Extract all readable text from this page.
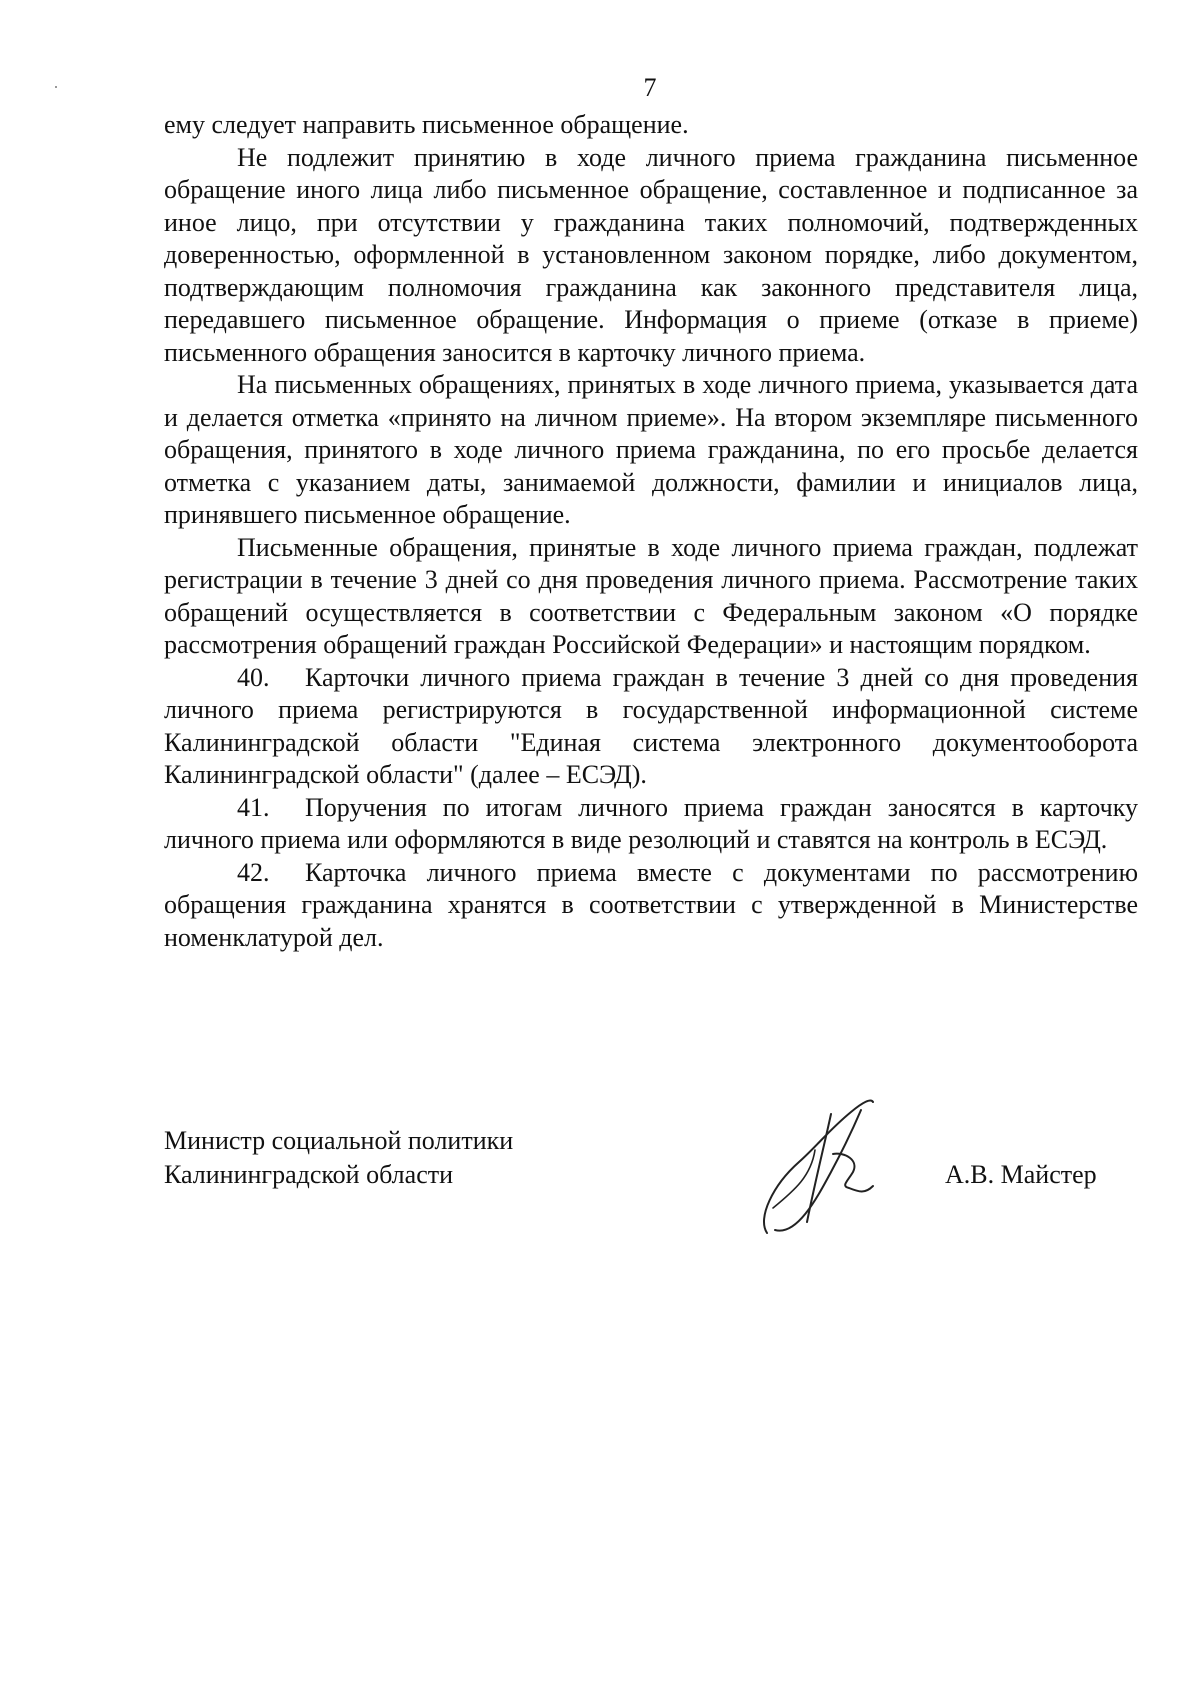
7

ему следует направить письменное обращение.

Не подлежит принятию в ходе личного приема гражданина письменное обращение иного лица либо письменное обращение, составленное и подписанное за иное лицо, при отсутствии у гражданина таких полномочий, подтвержденных доверенностью, оформленной в установленном законом порядке, либо документом, подтверждающим полномочия гражданина как законного представителя лица, передавшего письменное обращение. Информация о приеме (отказе в приеме) письменного обращения заносится в карточку личного приема.

На письменных обращениях, принятых в ходе личного приема, указывается дата и делается отметка «принято на личном приеме». На втором экземпляре письменного обращения, принятого в ходе личного приема гражданина, по его просьбе делается отметка с указанием даты, занимаемой должности, фамилии и инициалов лица, принявшего письменное обращение.

Письменные обращения, принятые в ходе личного приема граждан, подлежат регистрации в течение 3 дней со дня проведения личного приема. Рассмотрение таких обращений осуществляется в соответствии с Федеральным законом «О порядке рассмотрения обращений граждан Российской Федерации» и настоящим порядком.

40. Карточки личного приема граждан в течение 3 дней со дня проведения личного приема регистрируются в государственной информационной системе Калининградской области "Единая система электронного документооборота Калининградской области" (далее – ЕСЭД).

41. Поручения по итогам личного приема граждан заносятся в карточку личного приема или оформляются в виде резолюций и ставятся на контроль в ЕСЭД.

42. Карточка личного приема вместе с документами по рассмотрению обращения гражданина хранятся в соответствии с утвержденной в Министерстве номенклатурой дел.

Министр социальной политики
Калининградской области	А.В. Майстер
